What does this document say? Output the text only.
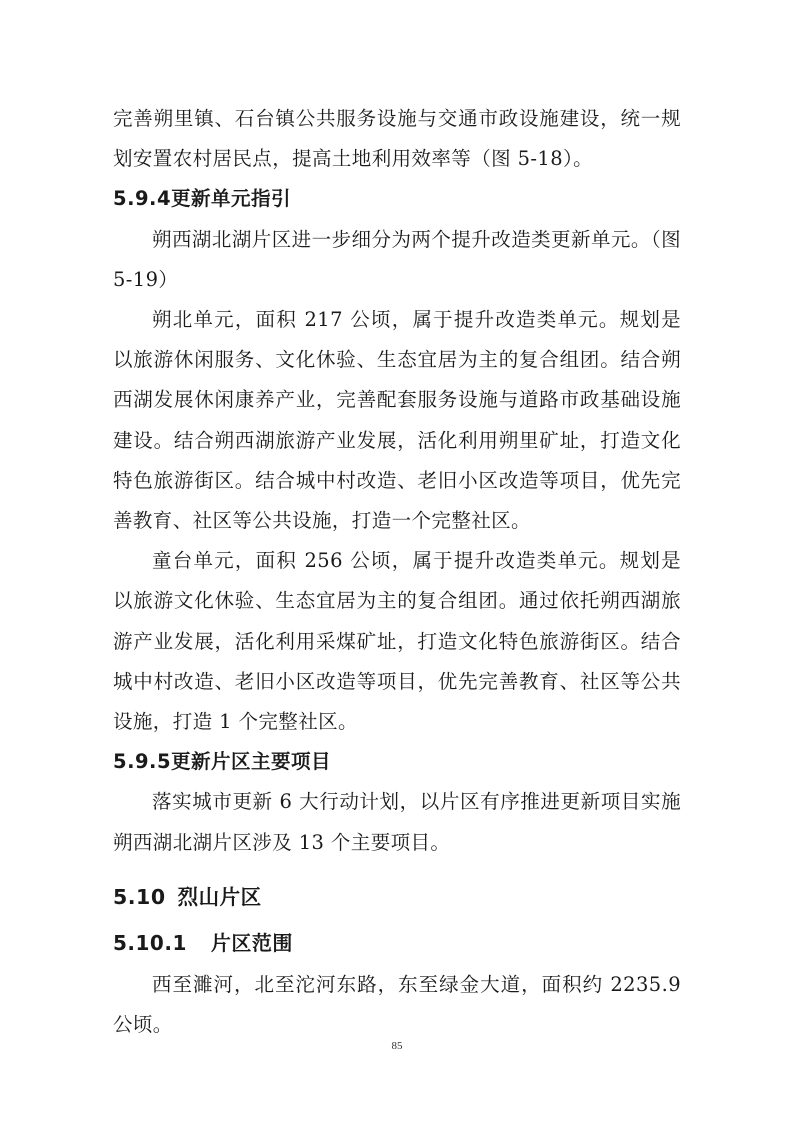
完善朔里镇、石台镇公共服务设施与交通市政设施建设，统一规划安置农村居民点，提高土地利用效率等（图 5-18）。

5.9.4更新单元指引

朔西湖北湖片区进一步细分为两个提升改造类更新单元。（图 5-19）

朔北单元，面积 217 公顷，属于提升改造类单元。规划是以旅游休闲服务、文化休验、生态宜居为主的复合组团。结合朔西湖发展休闲康养产业，完善配套服务设施与道路市政基础设施建设。结合朔西湖旅游产业发展，活化利用朔里矿址，打造文化特色旅游街区。结合城中村改造、老旧小区改造等项目，优先完善教育、社区等公共设施，打造一个完整社区。

童台单元，面积 256 公顷，属于提升改造类单元。规划是以旅游文化休验、生态宜居为主的复合组团。通过依托朔西湖旅游产业发展，活化利用采煤矿址，打造文化特色旅游街区。结合城中村改造、老旧小区改造等项目，优先完善教育、社区等公共设施，打造 1 个完整社区。

5.9.5更新片区主要项目

落实城市更新 6 大行动计划，以片区有序推进更新项目实施朔西湖北湖片区涉及 13 个主要项目。

5.10 烈山片区
5.10.1 片区范围

西至濉河，北至沱河东路，东至绿金大道，面积约 2235.9 公顷。

85
